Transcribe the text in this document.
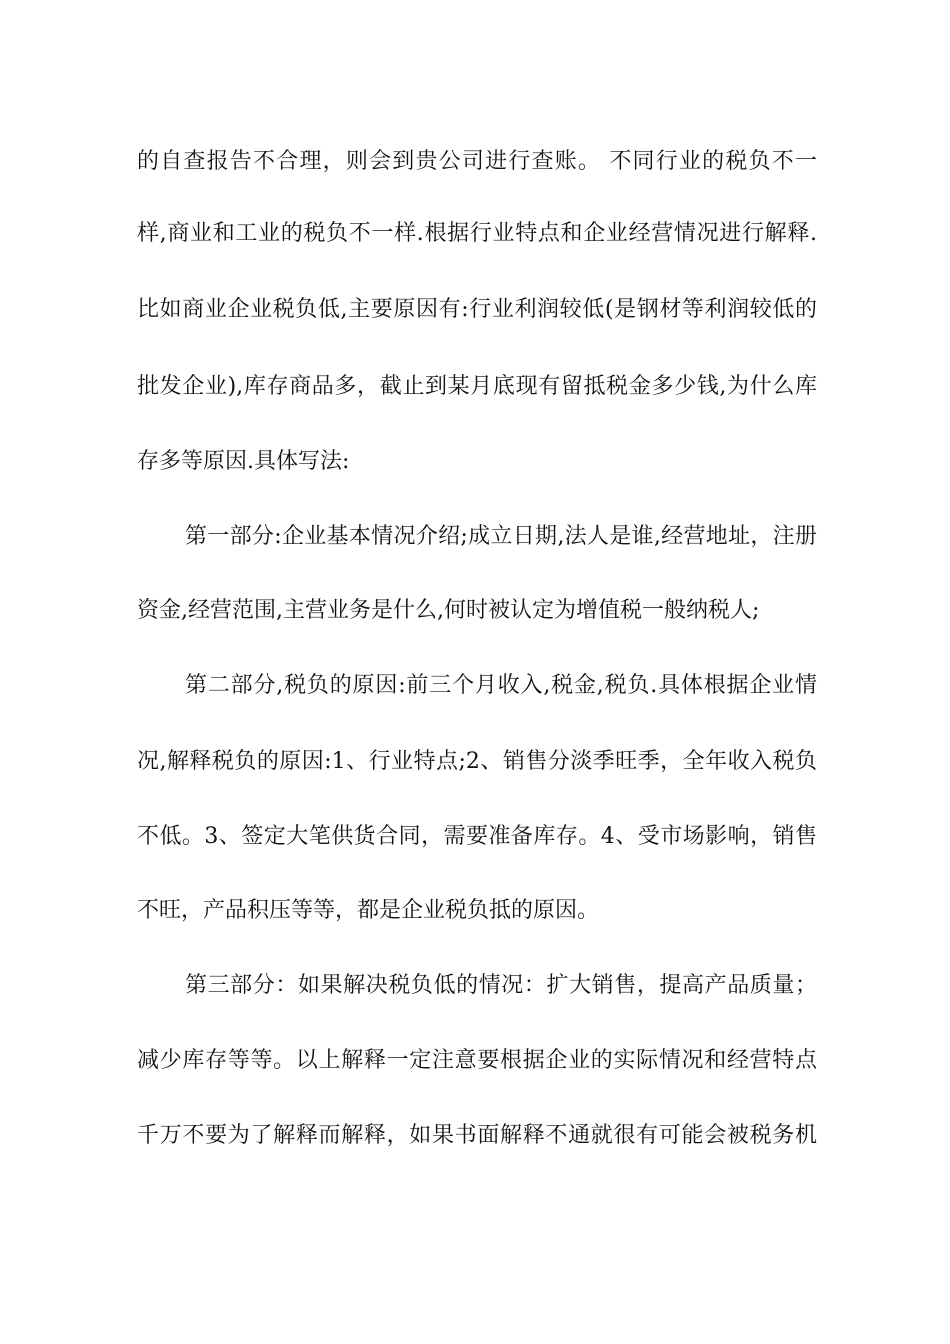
的自查报告不合理，则会到贵公司进行查账。 不同行业的税负不一
样,商业和工业的税负不一样.根据行业特点和企业经营情况进行解释.
比如商业企业税负低,主要原因有:行业利润较低(是钢材等利润较低的
批发企业),库存商品多，截止到某月底现有留抵税金多少钱,为什么库
存多等原因.具体写法:
第一部分:企业基本情况介绍;成立日期,法人是谁,经营地址，注册
资金,经营范围,主营业务是什么,何时被认定为增值税一般纳税人;
第二部分,税负的原因:前三个月收入,税金,税负.具体根据企业情
况,解释税负的原因:1、行业特点;2、销售分淡季旺季，全年收入税负
不低。3、签定大笔供货合同，需要准备库存。4、受市场影响，销售
不旺，产品积压等等，都是企业税负抵的原因。
第三部分：如果解决税负低的情况：扩大销售，提高产品质量；
减少库存等等。以上解释一定注意要根据企业的实际情况和经营特点
千万不要为了解释而解释，如果书面解释不通就很有可能会被税务机
